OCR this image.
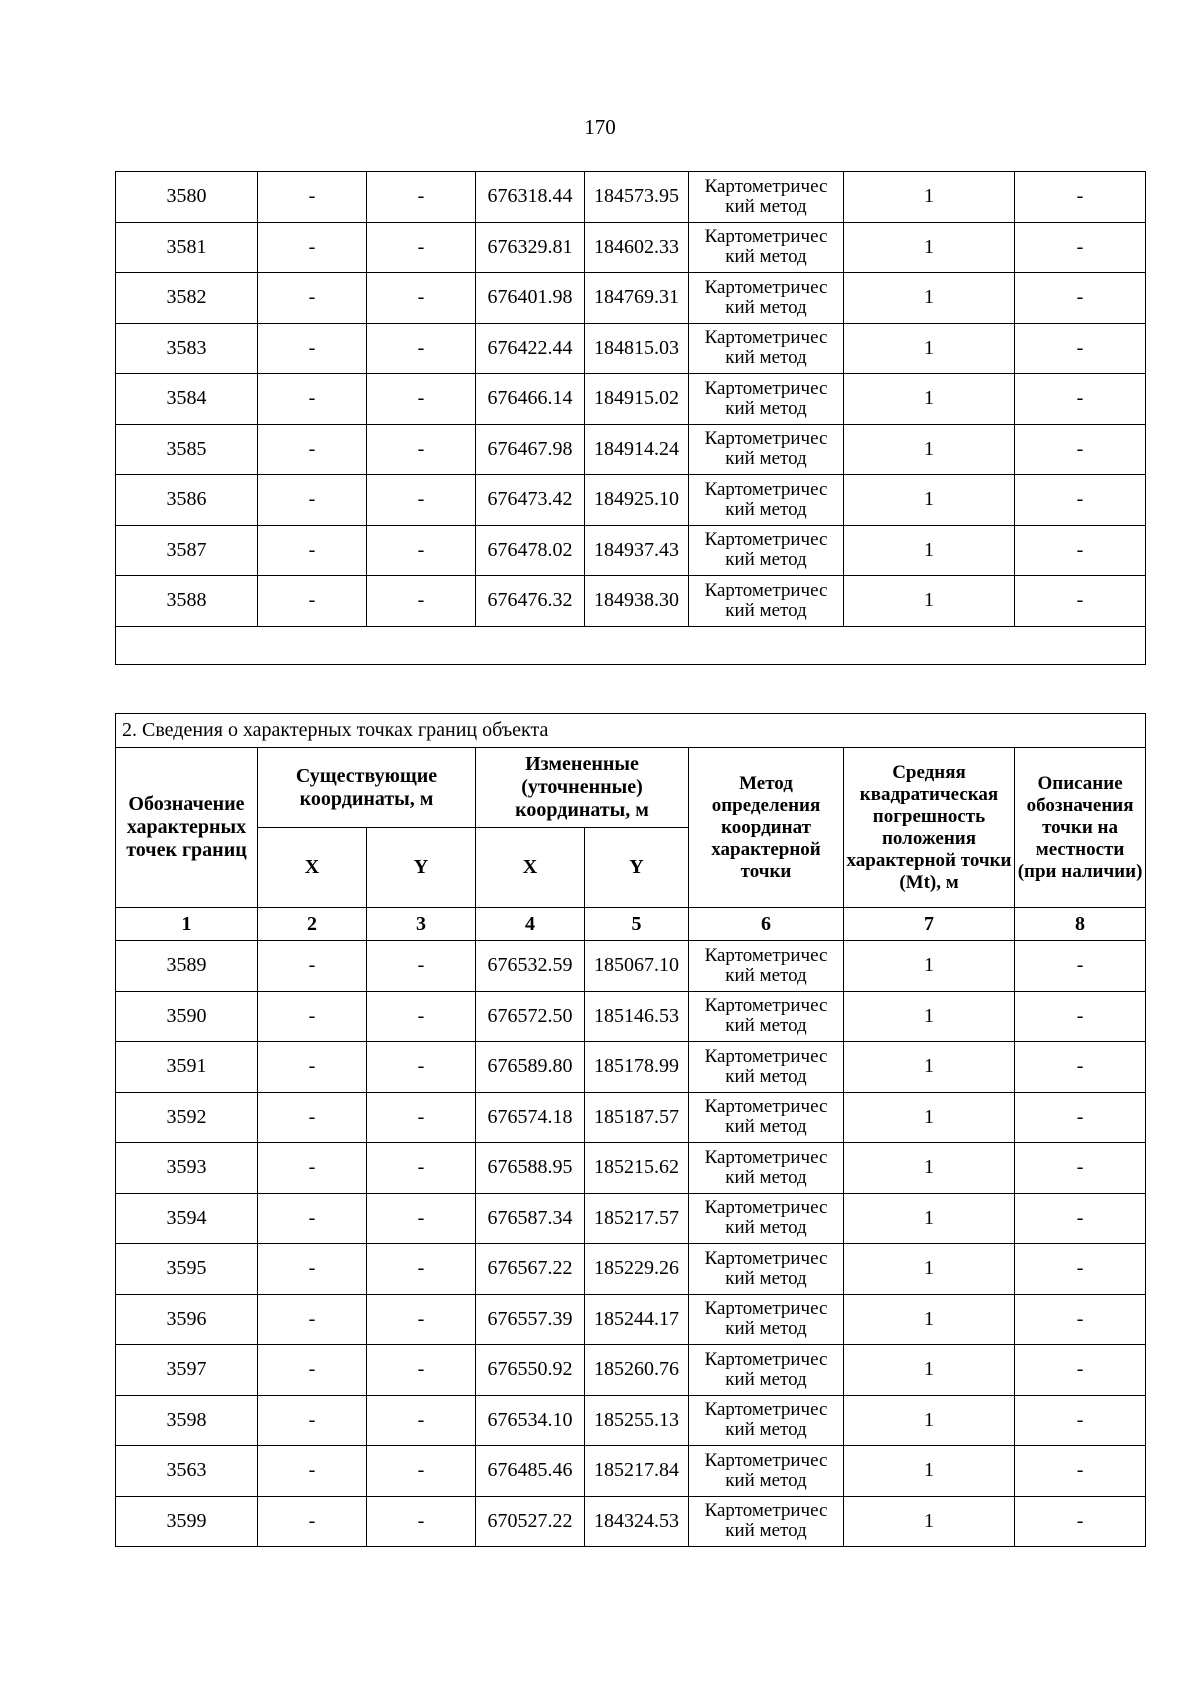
170
3580	-	-	676318.44	184573.95	Картометричес кий метод	1	-
3581	-	-	676329.81	184602.33	Картометричес кий метод	1	-
3582	-	-	676401.98	184769.31	Картометричес кий метод	1	-
3583	-	-	676422.44	184815.03	Картометричес кий метод	1	-
3584	-	-	676466.14	184915.02	Картометричес кий метод	1	-
3585	-	-	676467.98	184914.24	Картометричес кий метод	1	-
3586	-	-	676473.42	184925.10	Картометричес кий метод	1	-
3587	-	-	676478.02	184937.43	Картометричес кий метод	1	-
3588	-	-	676476.32	184938.30	Картометричес кий метод	1	-

2. Сведения о характерных точках границ объекта							
Обозначение характерных точек границ	Существующие координаты, м		Измененные (уточненные) координаты, м		Метод определения координат характерной точки	Средняя квадратическая погрешность положения характерной точки (Mt), м	Описание обозначения точки на местности (при наличии)
	X	Y	X	Y			
1	2	3	4	5	6	7	8
3589	-	-	676532.59	185067.10	Картометричес кий метод	1	-
3590	-	-	676572.50	185146.53	Картометричес кий метод	1	-
3591	-	-	676589.80	185178.99	Картометричес кий метод	1	-
3592	-	-	676574.18	185187.57	Картометричес кий метод	1	-
3593	-	-	676588.95	185215.62	Картометричес кий метод	1	-
3594	-	-	676587.34	185217.57	Картометричес кий метод	1	-
3595	-	-	676567.22	185229.26	Картометричес кий метод	1	-
3596	-	-	676557.39	185244.17	Картометричес кий метод	1	-
3597	-	-	676550.92	185260.76	Картометричес кий метод	1	-
3598	-	-	676534.10	185255.13	Картометричес кий метод	1	-
3563	-	-	676485.46	185217.84	Картометричес кий метод	1	-
3599	-	-	670527.22	184324.53	Картометричес кий метод	1	-
